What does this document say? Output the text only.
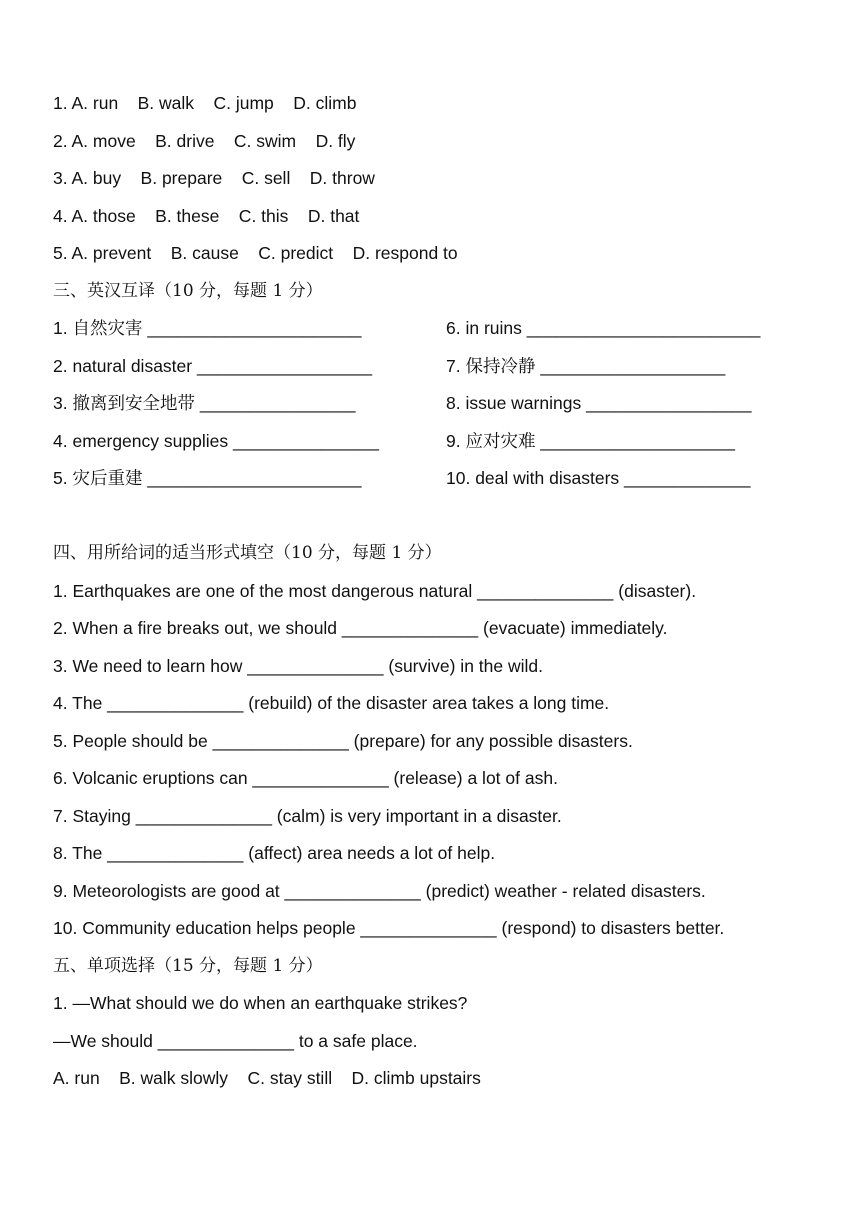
1. A. run    B. walk    C. jump    D. climb
2. A. move    B. drive    C. swim    D. fly
3. A. buy    B. prepare    C. sell    D. throw
4. A. those    B. these    C. this    D. that
5. A. prevent    B. cause    C. predict    D. respond to
三、英汉互译（10 分，每题 1 分）
1. 自然灾害 ______________________	6. in ruins ________________________
2. natural disaster __________________	7. 保持冷静 ___________________
3. 撤离到安全地带 ________________	8. issue warnings _________________
4. emergency supplies _______________	9. 应对灾难 ____________________
5. 灾后重建 ______________________	10. deal with disasters _____________
四、用所给词的适当形式填空（10 分，每题 1 分）
1. Earthquakes are one of the most dangerous natural ______________ (disaster).
2. When a fire breaks out, we should ______________ (evacuate) immediately.
3. We need to learn how ______________ (survive) in the wild.
4. The ______________ (rebuild) of the disaster area takes a long time.
5. People should be ______________ (prepare) for any possible disasters.
6. Volcanic eruptions can ______________ (release) a lot of ash.
7. Staying ______________ (calm) is very important in a disaster.
8. The ______________ (affect) area needs a lot of help.
9. Meteorologists are good at ______________ (predict) weather - related disasters.
10. Community education helps people ______________ (respond) to disasters better.
五、单项选择（15 分，每题 1 分）
1. —What should we do when an earthquake strikes?
—We should ______________ to a safe place.
A. run    B. walk slowly    C. stay still    D. climb upstairs
